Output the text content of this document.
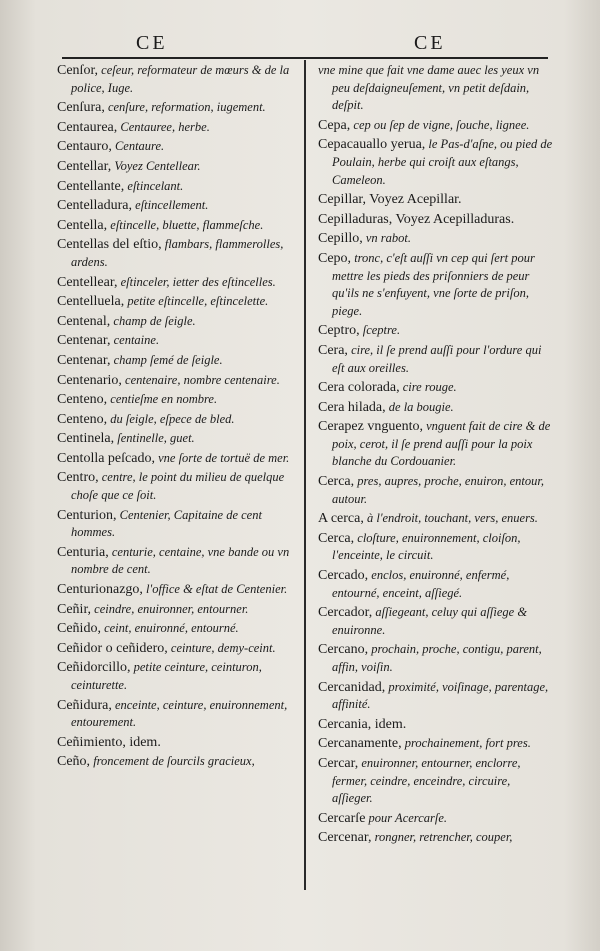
CE	CE
Cenſor, ceſeur, reformateur de mœurs & de la police, Iuge.
Cenſura, cenſure, reformation, iugement.
Centaurea, Centauree, herbe.
Centauro, Centaure.
Centellar, Voyez Centellear.
Centellante, eſtincelant.
Centelladura, eſtincellement.
Centella, eſtincelle, bluette, flammeſche.
Centellas del eſtio, flambars, flammerolles, ardens.
Centellear, eſtinceler, ietter des eſtincelles.
Centelluela, petite eſtincelle, eſtincelette.
Centenal, champ de ſeigle.
Centenar, centaine.
Centenar, champ ſemé de ſeigle.
Centenario, centenaire, nombre centenaire.
Centeno, centieſme en nombre.
Centeno, du ſeigle, eſpece de bled.
Centinela, ſentinelle, guet.
Centolla peſcado, vne ſorte de tortuë de mer.
Centro, centre, le point du milieu de quelque choſe que ce ſoit.
Centurion, Centenier, Capitaine de cent hommes.
Centuria, centurie, centaine, vne bande ou vn nombre de cent.
Centurionazgo, l'office & eſtat de Centenier.
Ceñir, ceindre, enuironner, entourner.
Ceñido, ceint, enuironné, entourné.
Ceñidor o ceñidero, ceinture, demy-ceint.
Ceñidorcillo, petite ceinture, ceinturon, ceinturette.
Ceñidura, enceinte, ceinture, enuironnement, entourement.
Ceñimiento, idem.
Ceño, froncement de ſourcils gracieux,
vne mine que fait vne dame auec les yeux vn peu deſdaigneuſement, vn petit deſdain, deſpit.
Cepa, cep ou ſep de vigne, ſouche, lignee.
Cepacauallo yerua, le Pas-d'aſne, ou pied de Poulain, herbe qui croiſt aux eſtangs, Cameleon.
Cepillar, Voyez Acepillar.
Cepilladuras, Voyez Acepilladuras.
Cepillo, vn rabot.
Cepo, tronc, c'eſt auſſi vn cep qui ſert pour mettre les pieds des priſonniers de peur qu'ils ne s'enfuyent, vne ſorte de priſon, piege.
Ceptro, ſceptre.
Cera, cire, il ſe prend auſſi pour l'ordure qui eſt aux oreilles.
Cera colorada, cire rouge.
Cera hilada, de la bougie.
Cerapez vnguento, vnguent fait de cire & de poix, cerot, il ſe prend auſſi pour la poix blanche du Cordouanier.
Cerca, pres, aupres, proche, enuiron, entour, autour.
A cerca, à l'endroit, touchant, vers, enuers.
Cerca, cloſture, enuironnement, cloiſon, l'enceinte, le circuit.
Cercado, enclos, enuironné, enfermé, entourné, enceint, aſſiegé.
Cercador, aſſiegeant, celuy qui aſſiege & enuironne.
Cercano, prochain, proche, contigu, parent, affin, voiſin.
Cercanidad, proximité, voiſinage, parentage, affinité.
Cercania, idem.
Cercanamente, prochainement, fort pres.
Cercar, enuironner, entourner, enclorre, fermer, ceindre, enceindre, circuire, aſſieger.
Cercarſe pour Acercarſe.
Cercenar, rongner, retrencher, couper,
